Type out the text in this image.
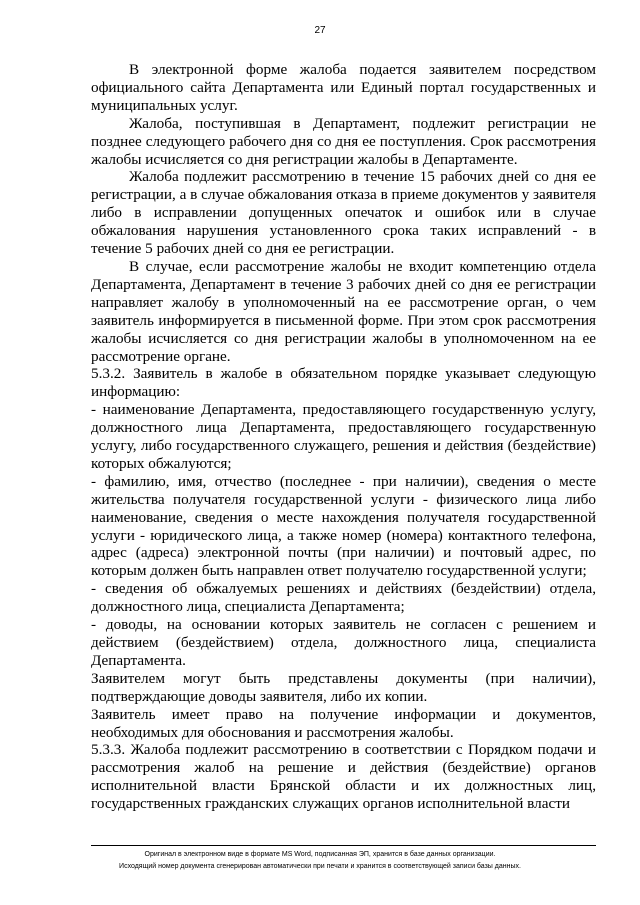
27

В электронной форме жалоба подается заявителем посредством официального сайта Департамента или Единый портал государственных и муниципальных услуг.

Жалоба, поступившая в Департамент, подлежит регистрации не позднее следующего рабочего дня со дня ее поступления. Срок рассмотрения жалобы исчисляется со дня регистрации жалобы в Департаменте.

Жалоба подлежит рассмотрению в течение 15 рабочих дней со дня ее регистрации, а в случае обжалования отказа в приеме документов у заявителя либо в исправлении допущенных опечаток и ошибок или в случае обжалования нарушения установленного срока таких исправлений - в течение 5 рабочих дней со дня ее регистрации.

В случае, если рассмотрение жалобы не входит компетенцию отдела Департамента, Департамент в течение 3 рабочих дней со дня ее регистрации направляет жалобу в уполномоченный на ее рассмотрение орган, о чем заявитель информируется в письменной форме. При этом срок рассмотрения жалобы исчисляется со дня регистрации жалобы в уполномоченном на ее рассмотрение органе.

5.3.2. Заявитель в жалобе в обязательном порядке указывает следующую информацию:

- наименование Департамента, предоставляющего государственную услугу, должностного лица Департамента, предоставляющего государственную услугу, либо государственного служащего, решения и действия (бездействие) которых обжалуются;

- фамилию, имя, отчество (последнее - при наличии), сведения о месте жительства получателя государственной услуги - физического лица либо наименование, сведения о месте нахождения получателя государственной услуги - юридического лица, а также номер (номера) контактного телефона, адрес (адреса) электронной почты (при наличии) и почтовый адрес, по которым должен быть направлен ответ получателю государственной услуги;

- сведения об обжалуемых решениях и действиях (бездействии) отдела, должностного лица, специалиста Департамента;

- доводы, на основании которых заявитель не согласен с решением и действием (бездействием) отдела, должностного лица, специалиста Департамента.

Заявителем могут быть представлены документы (при наличии), подтверждающие доводы заявителя, либо их копии.

Заявитель имеет право на получение информации и документов, необходимых для обоснования и рассмотрения жалобы.

5.3.3. Жалоба подлежит рассмотрению в соответствии с Порядком подачи и рассмотрения жалоб на решение и действия (бездействие) органов исполнительной власти Брянской области и их должностных лиц, государственных гражданских служащих органов исполнительной власти

Оригинал в электронном виде в формате MS Word, подписанная ЭП, хранится в базе данных организации.
Исходящий номер документа сгенерирован автоматически при печати и хранится в соответствующей записи базы данных.
